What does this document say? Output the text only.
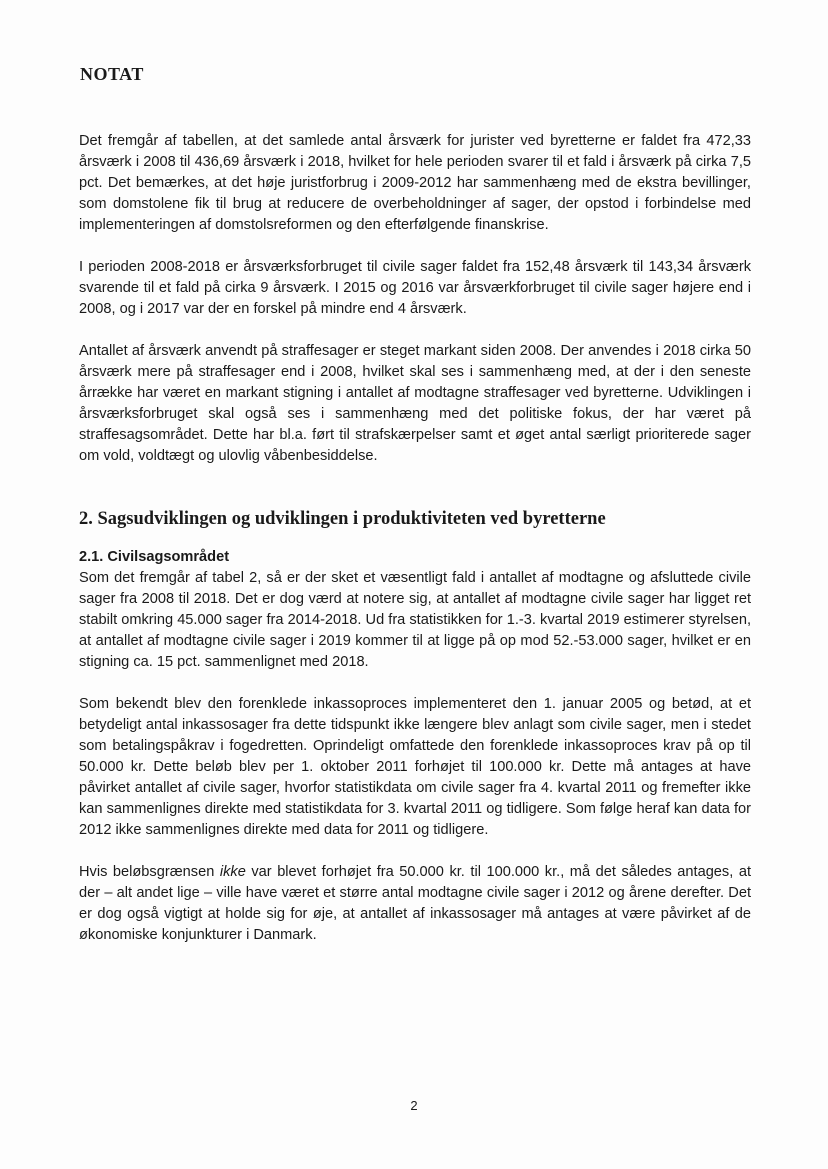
NOTAT

Det fremgår af tabellen, at det samlede antal årsværk for jurister ved byretterne er faldet fra 472,33 årsværk i 2008 til 436,69 årsværk i 2018, hvilket for hele perioden svarer til et fald i årsværk på cirka 7,5 pct. Det bemærkes, at det høje juristforbrug i 2009-2012 har sammenhæng med de ekstra bevillinger, som domstolene fik til brug at reducere de overbeholdninger af sager, der opstod i forbindelse med implementeringen af domstolsreformen og den efterfølgende finanskrise.

I perioden 2008-2018 er årsværksforbruget til civile sager faldet fra 152,48 årsværk til 143,34 årsværk svarende til et fald på cirka 9 årsværk. I 2015 og 2016 var årsværkforbruget til civile sager højere end i 2008, og i 2017 var der en forskel på mindre end 4 årsværk.

Antallet af årsværk anvendt på straffesager er steget markant siden 2008. Der anvendes i 2018 cirka 50 årsværk mere på straffesager end i 2008, hvilket skal ses i sammenhæng med, at der i den seneste årrække har været en markant stigning i antallet af modtagne straffesager ved byretterne. Udviklingen i årsværksforbruget skal også ses i sammenhæng med det politiske fokus, der har været på straffesagsområdet. Dette har bl.a. ført til strafskærpelser samt et øget antal særligt prioriterede sager om vold, voldtægt og ulovlig våbenbesiddelse.

2. Sagsudviklingen og udviklingen i produktiviteten ved byretterne
2.1. Civilsagsområdet

Som det fremgår af tabel 2, så er der sket et væsentligt fald i antallet af modtagne og afsluttede civile sager fra 2008 til 2018. Det er dog værd at notere sig, at antallet af modtagne civile sager har ligget ret stabilt omkring 45.000 sager fra 2014-2018. Ud fra statistikken for 1.-3. kvartal 2019 estimerer styrelsen, at antallet af modtagne civile sager i 2019 kommer til at ligge på op mod 52.-53.000 sager, hvilket er en stigning ca. 15 pct. sammenlignet med 2018.

Som bekendt blev den forenklede inkassoproces implementeret den 1. januar 2005 og betød, at et betydeligt antal inkassosager fra dette tidspunkt ikke længere blev anlagt som civile sager, men i stedet som betalingspåkrav i fogedretten. Oprindeligt omfattede den forenklede inkassoproces krav på op til 50.000 kr. Dette beløb blev per 1. oktober 2011 forhøjet til 100.000 kr. Dette må antages at have påvirket antallet af civile sager, hvorfor statistikdata om civile sager fra 4. kvartal 2011 og fremefter ikke kan sammenlignes direkte med statistikdata for 3. kvartal 2011 og tidligere. Som følge heraf kan data for 2012 ikke sammenlignes direkte med data for 2011 og tidligere.

Hvis beløbsgrænsen ikke var blevet forhøjet fra 50.000 kr. til 100.000 kr., må det således antages, at der – alt andet lige – ville have været et større antal modtagne civile sager i 2012 og årene derefter. Det er dog også vigtigt at holde sig for øje, at antallet af inkassosager må antages at være påvirket af de økonomiske konjunkturer i Danmark.

2
